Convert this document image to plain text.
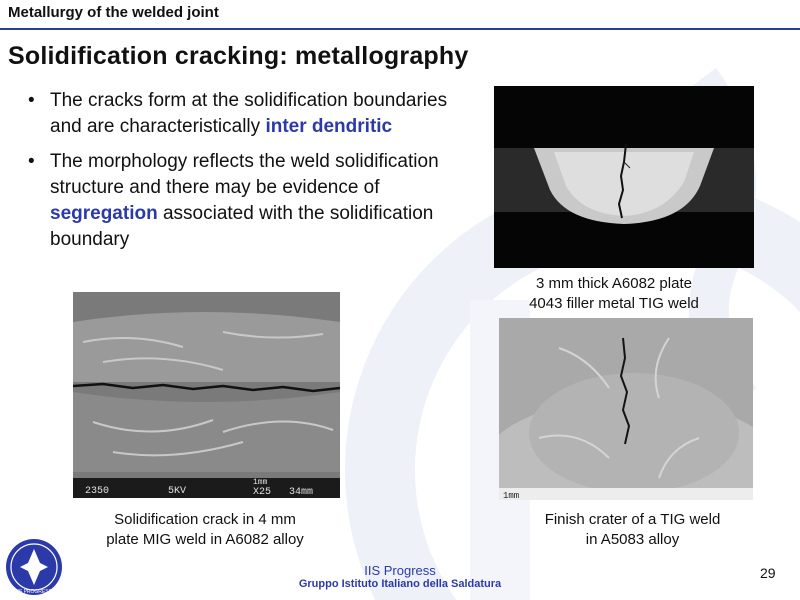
Metallurgy of the welded joint
Solidification cracking: metallography
• The cracks form at the solidification boundaries and are characteristically inter dendritic
• The morphology reflects the weld solidification structure and there may be evidence of segregation associated with the solidification boundary
3 mm thick A6082 plate
4043 filler metal TIG weld
2350	5KV
1mm
X25 34mm
Solidification crack in 4 mm
plate MIG weld in A6082 alloy
1mm
Finish crater of a TIG weld
in A5083 alloy
IIS PROGRESS
IIS Progress
Gruppo Istituto Italiano della Saldatura
29
